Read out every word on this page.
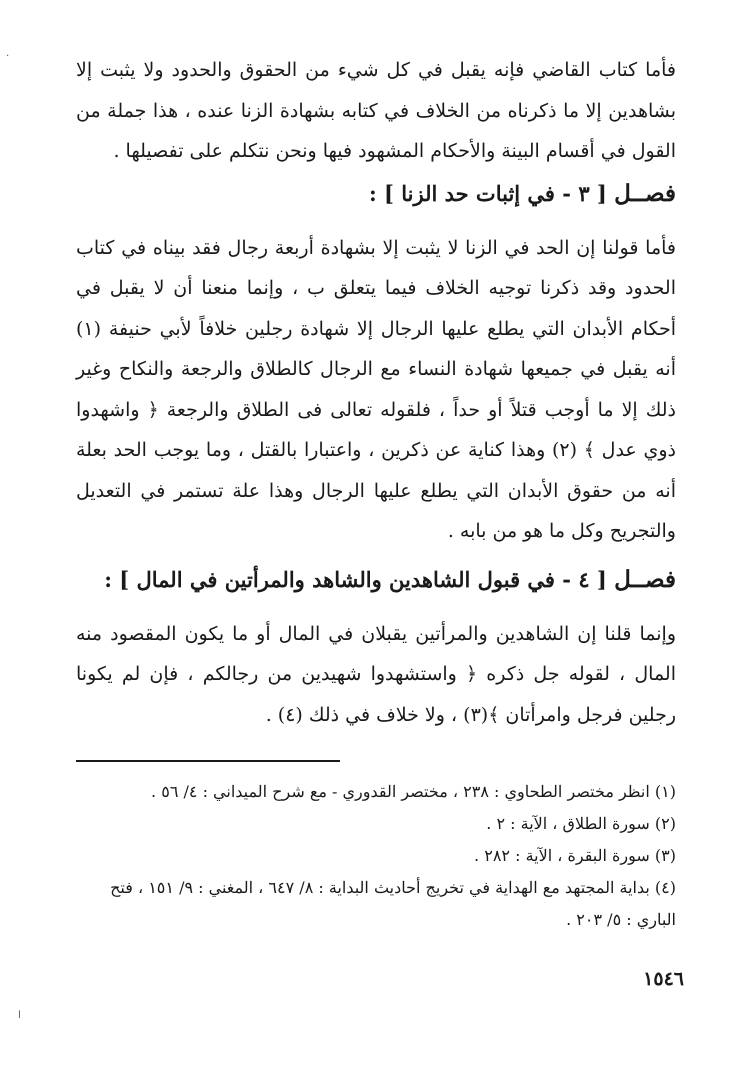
فأما كتاب القاضي فإنه يقبل في كل شيء من الحقوق والحدود ولا يثبت إلا بشاهدين إلا ما ذكرناه من الخلاف في كتابه بشهادة الزنا عنده ، هذا جملة من القول في أقسام البينة والأحكام المشهود فيها ونحن نتكلم على تفصيلها .

فصــل [ ٣ - في إثبات حد الزنا ] :

فأما قولنا إن الحد في الزنا لا يثبت إلا بشهادة أربعة رجال فقد بيناه في كتاب الحدود وقد ذكرنا توجيه الخلاف فيما يتعلق ب ، وإنما منعنا أن لا يقبل في أحكام الأبدان التي يطلع عليها الرجال إلا شهادة رجلين خلافاً لأبي حنيفة (١) أنه يقبل في جميعها شهادة النساء مع الرجال كالطلاق والرجعة والنكاح وغير ذلك إلا ما أوجب قتلاً أو حداً ، فلقوله تعالى فى الطلاق والرجعة ﴿ واشهدوا ذوي عدل ﴾ (٢) وهذا كناية عن ذكرين ، واعتبارا بالقتل ، وما يوجب الحد بعلة أنه من حقوق الأبدان التي يطلع عليها الرجال وهذا علة تستمر في التعديل والتجريح وكل ما هو من بابه .

فصــل [ ٤ - في قبول الشاهدين والشاهد والمرأتين في المال ] :

وإنما قلنا إن الشاهدين والمرأتين يقبلان في المال أو ما يكون المقصود منه المال ، لقوله جل ذكره ﴿ واستشهدوا شهيدين من رجالكم ، فإن لم يكونا رجلين فرجل وامرأتان ﴾(٣) ، ولا خلاف في ذلك (٤) .

(١) انظر مختصر الطحاوي : ٢٣٨ ، مختصر القدوري - مع شرح الميداني : ٤/ ٥٦ .

(٢) سورة الطلاق ، الآية : ٢ .

(٣) سورة البقرة ، الآية : ٢٨٢ .

(٤) بداية المجتهد مع الهداية في تخريج أحاديث البداية : ٨/ ٦٤٧ ، المغني : ٩/ ١٥١ ، فتح الباري : ٥/ ٢٠٣ .

١٥٤٦
.
ا
